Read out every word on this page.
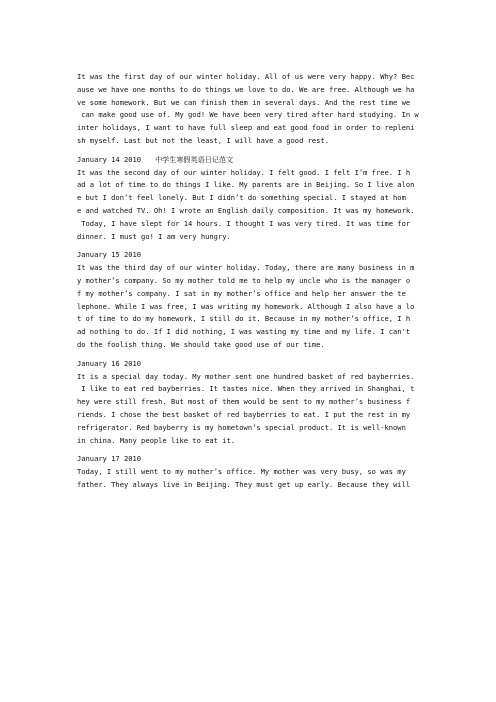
It was the first day of our winter holiday. All of us were very happy. Why? Bec
ause we have one months to do things we love to do. We are free. Although we ha
ve some homework. But we can finish them in several days. And the rest time we
can make good use of. My god! We have been very tired after hard studying. In w
inter holidays, I want to have full sleep and eat good food in order to repleni
sh myself. Last but not the least, I will have a good rest.
January 14 2010 中学生寒假英语日记范文
It was the second day of our winter holiday. I felt good. I felt I’m free. I h
ad a lot of time to do things I like. My parents are in Beijing. So I live alon
e but I don’t feel lonely. But I didn’t do something special. I stayed at hom
e and watched TV. Oh! I wrote an English daily composition. It was my homework.
Today, I have slept for 14 hours. I thought I was very tired. It was time for
dinner. I must go! I am very hungry.
January 15 2010
It was the third day of our winter holiday. Today, there are many business in m
y mother’s company. So my mother told me to help my uncle who is the manager o
f my mother’s company. I sat in my mother’s office and help her answer the te
lephone. While I was free, I was writing my homework. Although I also have a lo
t of time to do my homework, I still do it. Because in my mother’s office, I h
ad nothing to do. If I did nothing, I was wasting my time and my life. I can't
do the foolish thing. We should take good use of our time.
January 16 2010
It is a special day today. My mother sent one hundred basket of red bayberries.
I like to eat red bayberries. It tastes nice. When they arrived in Shanghai, t
hey were still fresh. But most of them would be sent to my mother’s business f
riends. I chose the best basket of red bayberries to eat. I put the rest in my
refrigerator. Red bayberry is my hometown’s special product. It is well-known
in china. Many people like to eat it.
January 17 2010
Today, I still went to my mother’s office. My mother was very busy, so was my
father. They always live in Beijing. They must get up early. Because they will
